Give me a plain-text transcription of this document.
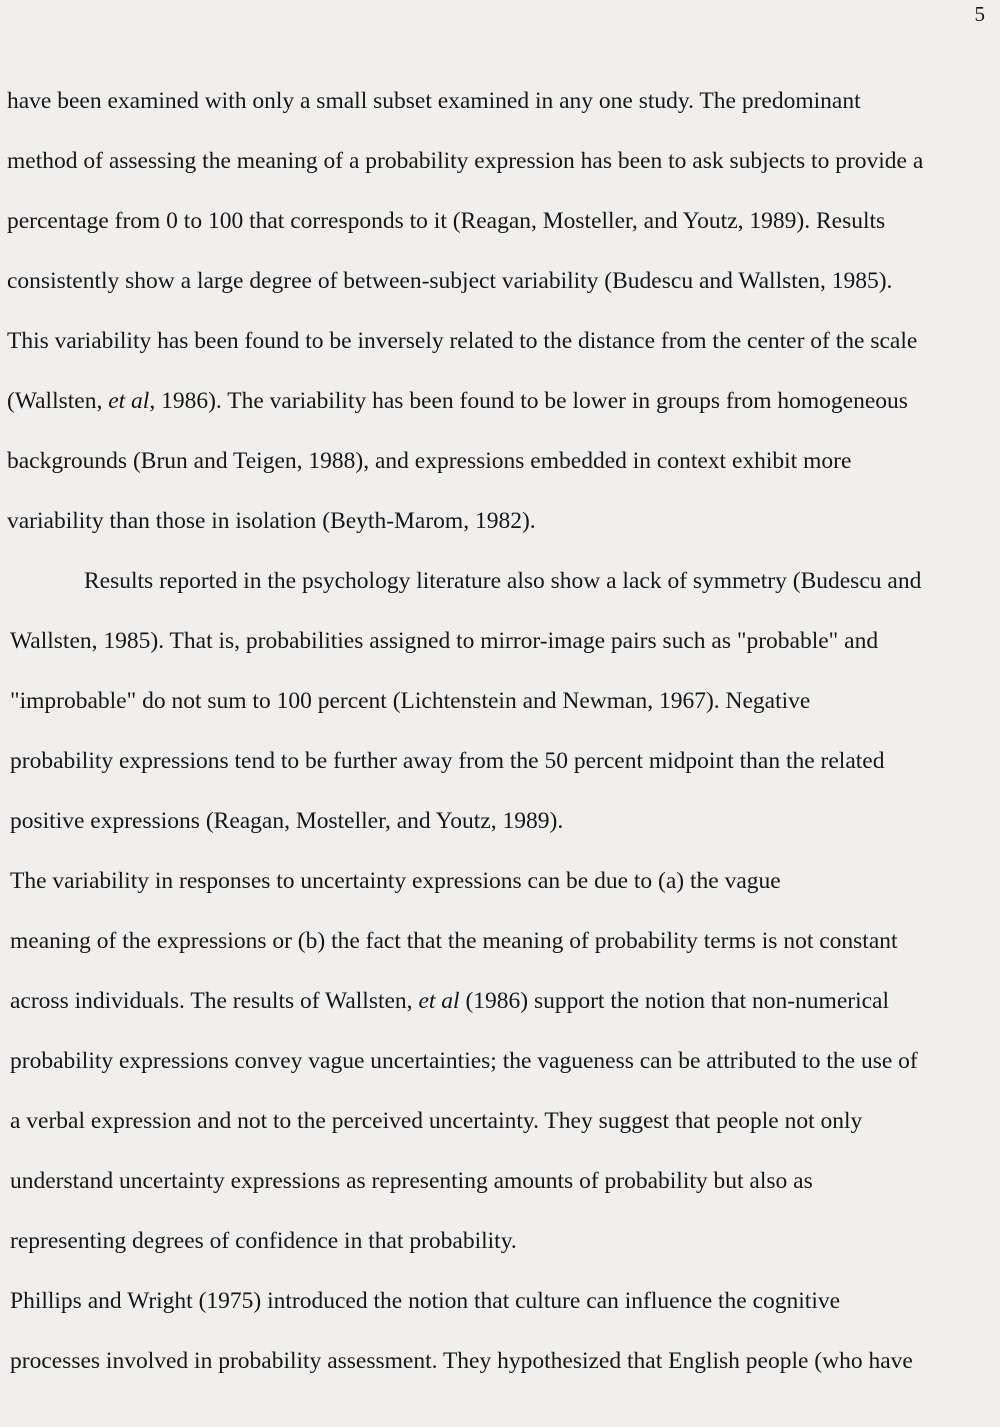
5
have been examined with only a small subset examined in any one study. The predominant
method of assessing the meaning of a probability expression has been to ask subjects to provide a
percentage from 0 to 100 that corresponds to it (Reagan, Mosteller, and Youtz, 1989). Results
consistently show a large degree of between-subject variability (Budescu and Wallsten, 1985).
This variability has been found to be inversely related to the distance from the center of the scale
(Wallsten, et al, 1986). The variability has been found to be lower in groups from homogeneous
backgrounds (Brun and Teigen, 1988), and expressions embedded in context exhibit more
variability than those in isolation (Beyth-Marom, 1982).
Results reported in the psychology literature also show a lack of symmetry (Budescu and
Wallsten, 1985). That is, probabilities assigned to mirror-image pairs such as "probable" and
"improbable" do not sum to 100 percent (Lichtenstein and Newman, 1967). Negative
probability expressions tend to be further away from the 50 percent midpoint than the related
positive expressions (Reagan, Mosteller, and Youtz, 1989).
The variability in responses to uncertainty expressions can be due to (a) the vague
meaning of the expressions or (b) the fact that the meaning of probability terms is not constant
across individuals. The results of Wallsten, et al (1986) support the notion that non-numerical
probability expressions convey vague uncertainties; the vagueness can be attributed to the use of
a verbal expression and not to the perceived uncertainty. They suggest that people not only
understand uncertainty expressions as representing amounts of probability but also as
representing degrees of confidence in that probability.
Phillips and Wright (1975) introduced the notion that culture can influence the cognitive
processes involved in probability assessment. They hypothesized that English people (who have
